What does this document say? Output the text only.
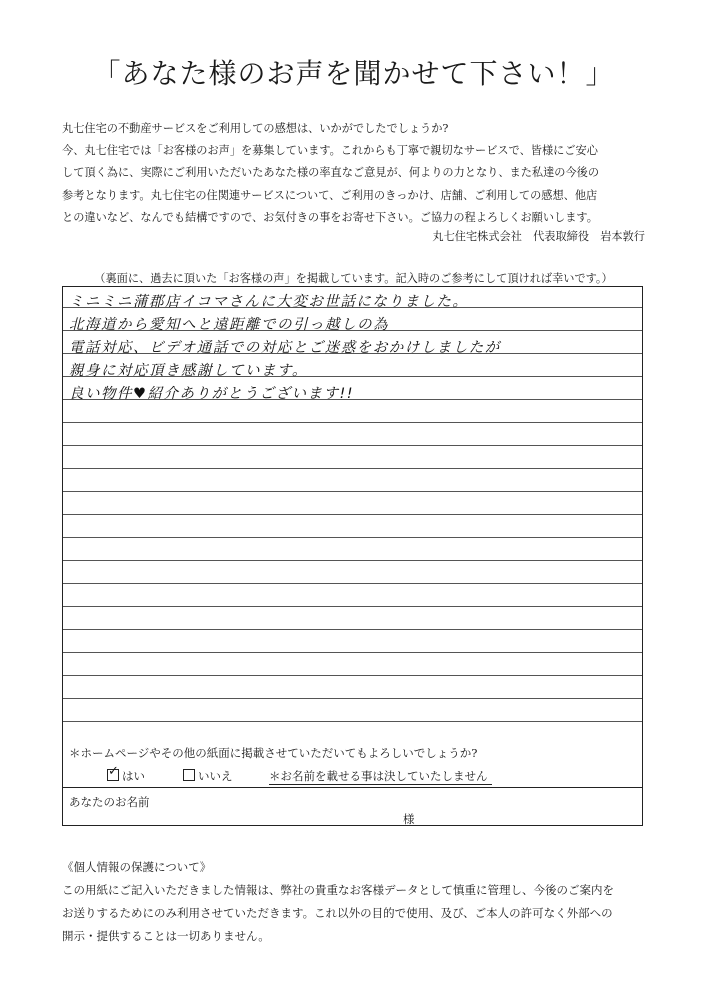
「あなた様のお声を聞かせて下さい！」
丸七住宅の不動産サービスをご利用しての感想は、いかがでしたでしょうか?
今、丸七住宅では「お客様のお声」を募集しています。これからも丁寧で親切なサービスで、皆様にご安心
して頂く為に、実際にご利用いただいたあなた様の率直なご意見が、何よりの力となり、また私達の今後の
参考となります。丸七住宅の住関連サービスについて、ご利用のきっかけ、店舗、ご利用しての感想、他店
との違いなど、なんでも結構ですので、お気付きの事をお寄せ下さい。ご協力の程よろしくお願いします。
丸七住宅株式会社　代表取締役　岩本敦行
（裏面に、過去に頂いた「お客様の声」を掲載しています。記入時のご参考にして頂ければ幸いです。）
ミニミニ蒲郡店イコマさんに大変お世話になりました。
北海道から愛知へと遠距離での引っ越しの為
電話対応、ビデオ通話での対応とご迷惑をおかけしましたが
親身に対応頂き感謝しています。
良い物件♥紹介ありがとうございます!!
＊ホームページやその他の紙面に掲載させていただいてもよろしいでしょうか?
✓はい	いいえ	＊お名前を載せる事は決していたしません
あなたのお名前
様
《個人情報の保護について》
この用紙にご記入いただきました情報は、弊社の貴重なお客様データとして慎重に管理し、今後のご案内を
お送りするためにのみ利用させていただきます。これ以外の目的で使用、及び、ご本人の許可なく外部への
開示・提供することは一切ありません。
